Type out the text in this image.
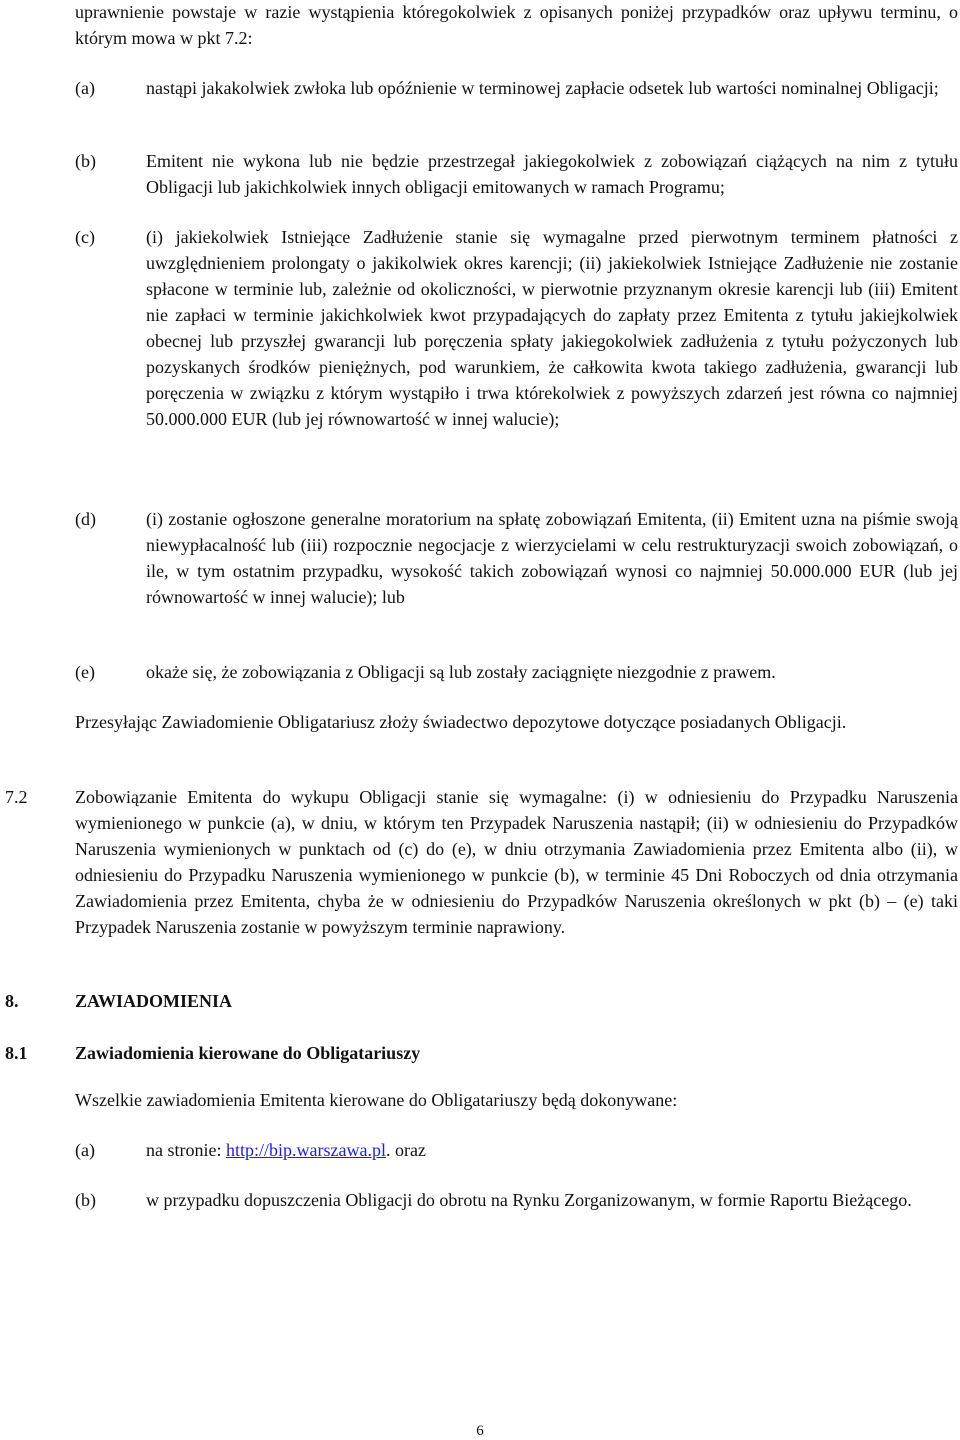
uprawnienie powstaje w razie wystąpienia któregokolwiek z opisanych poniżej przypadków oraz upływu terminu, o którym mowa w pkt 7.2:

(a)	nastąpi jakakolwiek zwłoka lub opóźnienie w terminowej zapłacie odsetek lub wartości nominalnej Obligacji;

(b)	Emitent nie wykona lub nie będzie przestrzegał jakiegokolwiek z zobowiązań ciążących na nim z tytułu Obligacji lub jakichkolwiek innych obligacji emitowanych w ramach Programu;

(c)	(i) jakiekolwiek Istniejące Zadłużenie stanie się wymagalne przed pierwotnym terminem płatności z uwzględnieniem prolongaty o jakikolwiek okres karencji; (ii) jakiekolwiek Istniejące Zadłużenie nie zostanie spłacone w terminie lub, zależnie od okoliczności, w pierwotnie przyznanym okresie karencji lub (iii) Emitent nie zapłaci w terminie jakichkolwiek kwot przypadających do zapłaty przez Emitenta z tytułu jakiejkolwiek obecnej lub przyszłej gwarancji lub poręczenia spłaty jakiegokolwiek zadłużenia z tytułu pożyczonych lub pozyskanych środków pieniężnych, pod warunkiem, że całkowita kwota takiego zadłużenia, gwarancji lub poręczenia w związku z którym wystąpiło i trwa którekolwiek z powyższych zdarzeń jest równa co najmniej 50.000.000 EUR (lub jej równowartość w innej walucie);

(d)	(i) zostanie ogłoszone generalne moratorium na spłatę zobowiązań Emitenta, (ii) Emitent uzna na piśmie swoją niewypłacalność lub (iii) rozpocznie negocjacje z wierzycielami w celu restrukturyzacji swoich zobowiązań, o ile, w tym ostatnim przypadku, wysokość takich zobowiązań wynosi co najmniej 50.000.000 EUR (lub jej równowartość w innej walucie); lub

(e)	okaże się, że zobowiązania z Obligacji są lub zostały zaciągnięte niezgodnie z prawem.

Przesyłając Zawiadomienie Obligatariusz złoży świadectwo depozytowe dotyczące posiadanych Obligacji.

7.2	Zobowiązanie Emitenta do wykupu Obligacji stanie się wymagalne: (i) w odniesieniu do Przypadku Naruszenia wymienionego w punkcie (a), w dniu, w którym ten Przypadek Naruszenia nastąpił; (ii) w odniesieniu do Przypadków Naruszenia wymienionych w punktach od (c) do (e), w dniu otrzymania Zawiadomienia przez Emitenta albo (ii), w odniesieniu do Przypadku Naruszenia wymienionego w punkcie (b), w terminie 45 Dni Roboczych od dnia otrzymania Zawiadomienia przez Emitenta, chyba że w odniesieniu do Przypadków Naruszenia określonych w pkt (b) – (e) taki Przypadek Naruszenia zostanie w powyższym terminie naprawiony.

8.	ZAWIADOMIENIA

8.1	Zawiadomienia kierowane do Obligatariuszy

Wszelkie zawiadomienia Emitenta kierowane do Obligatariuszy będą dokonywane:

(a)	na stronie: http://bip.warszawa.pl. oraz

(b)	w przypadku dopuszczenia Obligacji do obrotu na Rynku Zorganizowanym, w formie Raportu Bieżącego.

6
